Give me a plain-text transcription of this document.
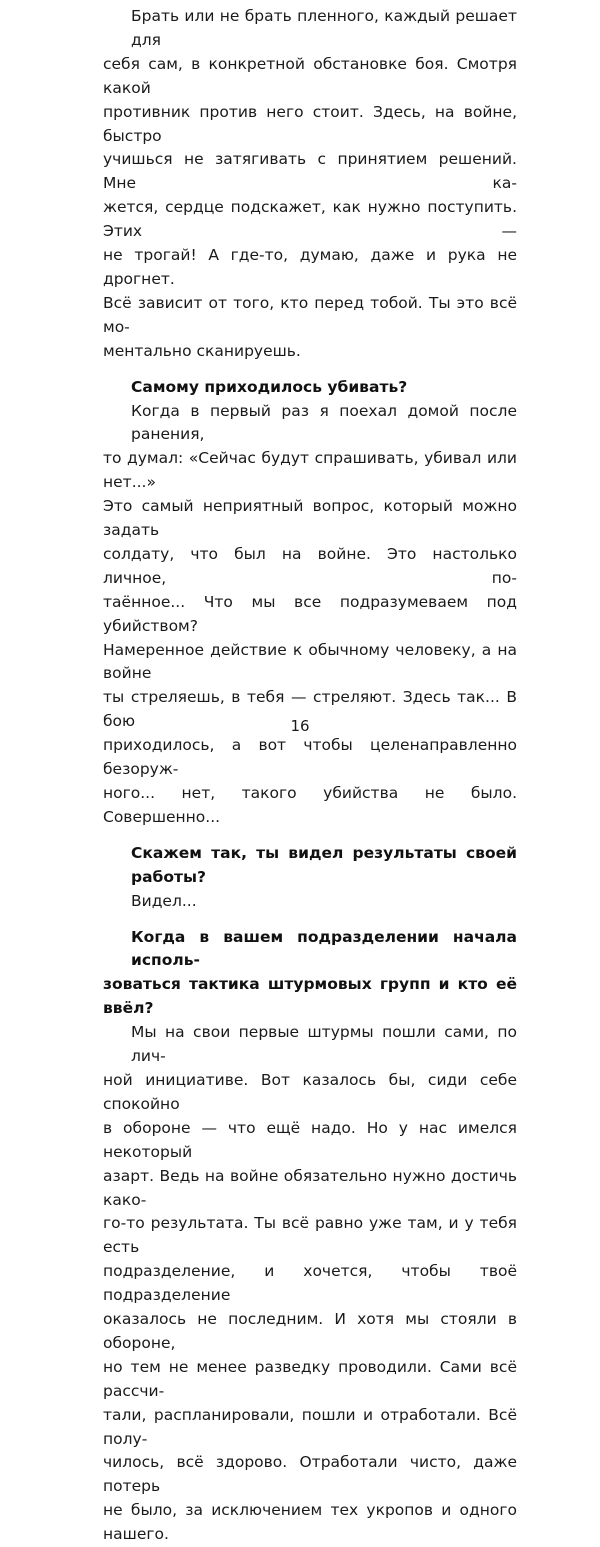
Брать или не брать пленного, каждый решает для
себя сам, в конкретной обстановке боя. Смотря какой
противник против него стоит. Здесь, на войне, быстро
учишься не затягивать с принятием решений. Мне ка-
жется, сердце подскажет, как нужно поступить. Этих —
не трогай! А где-то, думаю, даже и рука не дрогнет.
Всё зависит от того, кто перед тобой. Ты это всё мо-
ментально сканируешь.
Самому приходилось убивать?
Когда в первый раз я поехал домой после ранения,
то думал: «Сейчас будут спрашивать, убивал или нет...»
Это самый неприятный вопрос, который можно задать
солдату, что был на войне. Это настолько личное, по-
таённое... Что мы все подразумеваем под убийством?
Намеренное действие к обычному человеку, а на войне
ты стреляешь, в тебя — стреляют. Здесь так... В бою
приходилось, а вот чтобы целенаправленно безоруж-
ного... нет, такого убийства не было. Совершенно...
Скажем так, ты видел результаты своей работы?
Видел...
Когда в вашем подразделении начала исполь-
зоваться тактика штурмовых групп и кто её ввёл?
Мы на свои первые штурмы пошли сами, по лич-
ной инициативе. Вот казалось бы, сиди себе спокойно
в обороне — что ещё надо. Но у нас имелся некоторый
азарт. Ведь на войне обязательно нужно достичь како-
го-то результата. Ты всё равно уже там, и у тебя есть
подразделение, и хочется, чтобы твоё подразделение
оказалось не последним. И хотя мы стояли в обороне,
но тем не менее разведку проводили. Сами всё рассчи-
тали, распланировали, пошли и отработали. Всё полу-
чилось, всё здорово. Отработали чисто, даже потерь
не было, за исключением тех укропов и одного нашего.
16
